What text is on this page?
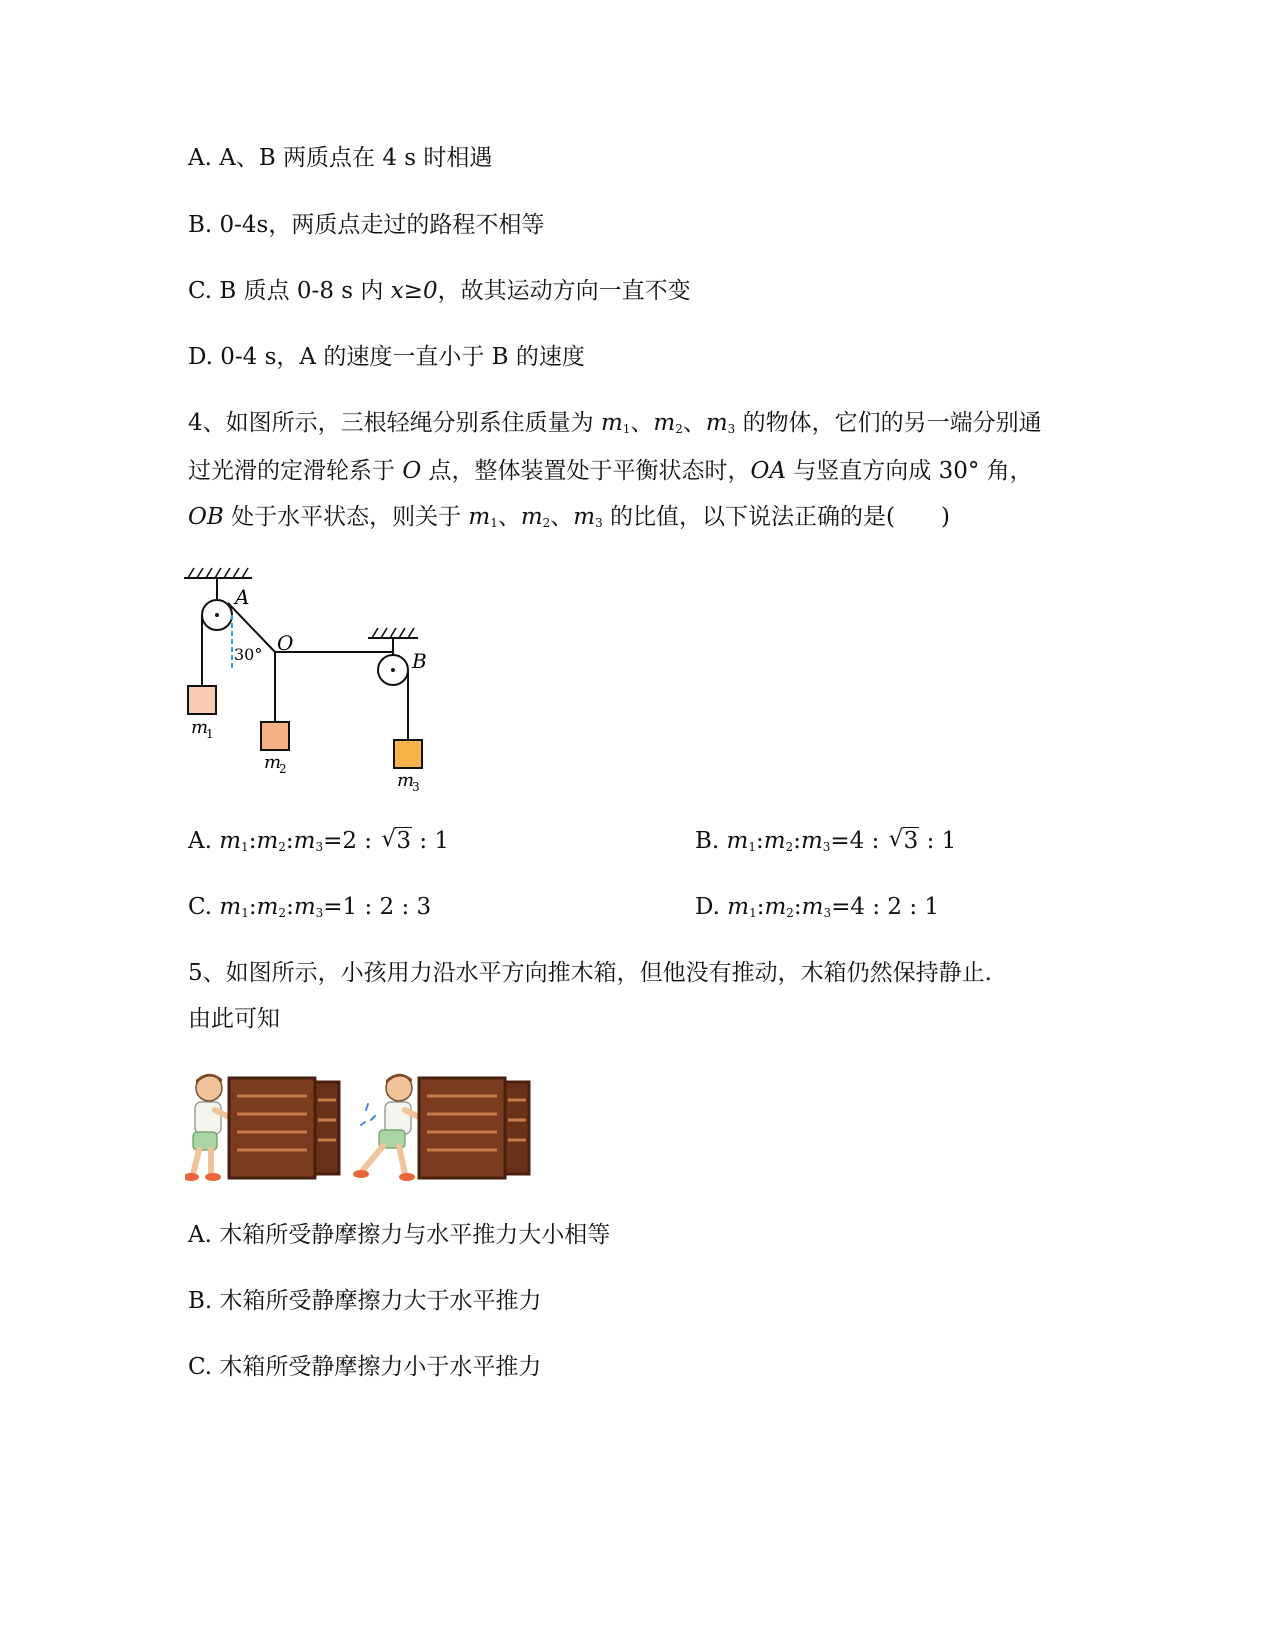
A. A、B 两质点在 4 s 时相遇
B. 0-4s，两质点走过的路程不相等
C. B 质点 0-8 s 内 x≥0，故其运动方向一直不变
D. 0-4 s，A 的速度一直小于 B 的速度
4、如图所示，三根轻绳分别系住质量为 $m_1$、$m_2$、$m_3$ 的物体，它们的另一端分别通
过光滑的定滑轮系于 O 点，整体装置处于平衡状态时，OA 与竖直方向成 30° 角，
OB 处于水平状态，则关于 $m_1$、$m_2$、$m_3$ 的比值，以下说法正确的是(　　)
A
O
B
30°
m
1
m
2
m
3
A. $m_1:m_2:m_3=2$ : √ 3 : 1	B. $m_1:m_2:m_3=4$ : √ 3 : 1
C. $m_1:m_2:m_3=1$ : 2 : 3	D. $m_1:m_2:m_3=4$ : 2 : 1
5、如图所示，小孩用力沿水平方向推木箱，但他没有推动，木箱仍然保持静止.
由此可知
A. 木箱所受静摩擦力与水平推力大小相等
B. 木箱所受静摩擦力大于水平推力
C. 木箱所受静摩擦力小于水平推力
